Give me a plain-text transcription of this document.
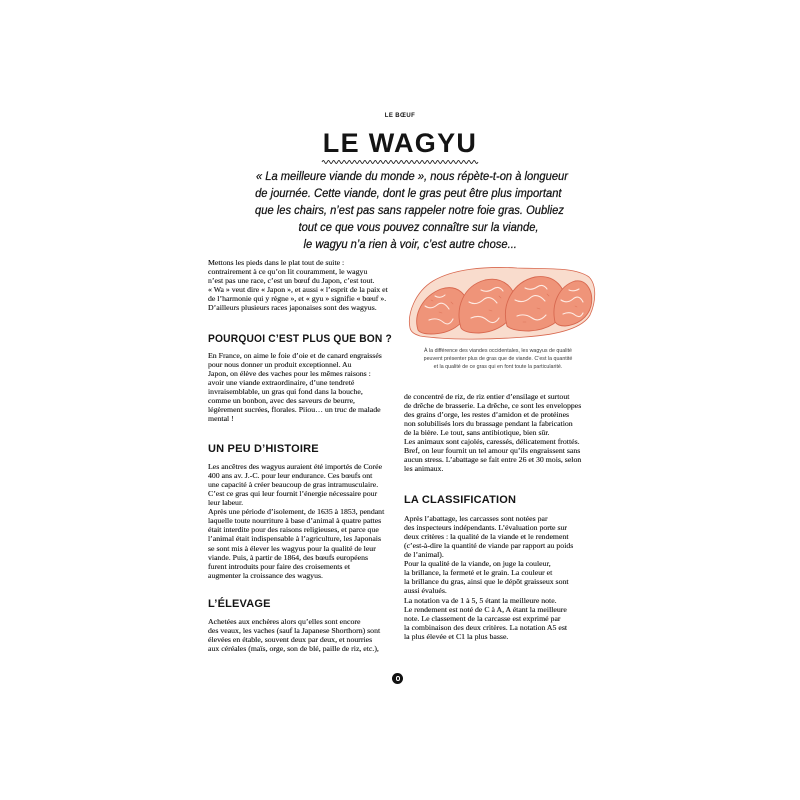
LE BŒUF
LE WAGYU
« La meilleure viande du monde », nous répète-t-on à longueur
de journée. Cette viande, dont le gras peut être plus important
que les chairs, n’est pas sans rappeler notre foie gras. Oubliez
tout ce que vous pouvez connaître sur la viande,
le wagyu n’a rien à voir, c’est autre chose...
Mettons les pieds dans le plat tout de suite :
contrairement à ce qu’on lit couramment, le wagyu
n’est pas une race, c’est un bœuf du Japon, c’est tout.
« Wa » veut dire « Japon », et aussi « l’esprit de la paix et
de l’harmonie qui y règne », et « gyu » signifie « bœuf ».
D’ailleurs plusieurs races japonaises sont des wagyus.
POURQUOI C’EST PLUS QUE BON ?
En France, on aime le foie d’oie et de canard engraissés
pour nous donner un produit exceptionnel. Au
Japon, on élève des vaches pour les mêmes raisons :
avoir une viande extraordinaire, d’une tendreté
invraisemblable, un gras qui fond dans la bouche,
comme un bonbon, avec des saveurs de beurre,
légèrement sucrées, florales. Piiou… un truc de malade
mental !
UN PEU D’HISTOIRE
Les ancêtres des wagyus auraient été importés de Corée
400 ans av. J.-C. pour leur endurance. Ces bœufs ont
une capacité à créer beaucoup de gras intramusculaire.
C’est ce gras qui leur fournit l’énergie nécessaire pour
leur labeur.
Après une période d’isolement, de 1635 à 1853, pendant
laquelle toute nourriture à base d’animal à quatre pattes
était interdite pour des raisons religieuses, et parce que
l’animal était indispensable à l’agriculture, les Japonais
se sont mis à élever les wagyus pour la qualité de leur
viande. Puis, à partir de 1864, des bœufs européens
furent introduits pour faire des croisements et
augmenter la croissance des wagyus.
L’ÉLEVAGE
Achetées aux enchères alors qu’elles sont encore
des veaux, les vaches (sauf la Japanese Shorthorn) sont
élevées en étable, souvent deux par deux, et nourries
aux céréales (maïs, orge, son de blé, paille de riz, etc.),
À la différence des viandes occidentales, les wagyus de qualité
peuvent présenter plus de gras que de viande. C’est la quantité
et la qualité de ce gras qui en font toute la particularité.
de concentré de riz, de riz entier d’ensilage et surtout
de drêche de brasserie. La drêche, ce sont les enveloppes
des grains d’orge, les restes d’amidon et de protéines
non solubilisés lors du brassage pendant la fabrication
de la bière. Le tout, sans antibiotique, bien sûr.
Les animaux sont cajolés, caressés, délicatement frottés.
Bref, on leur fournit un tel amour qu’ils engraissent sans
aucun stress. L’abattage se fait entre 26 et 30 mois, selon
les animaux.
LA CLASSIFICATION
Après l’abattage, les carcasses sont notées par
des inspecteurs indépendants. L’évaluation porte sur
deux critères : la qualité de la viande et le rendement
(c’est-à-dire la quantité de viande par rapport au poids
de l’animal).
Pour la qualité de la viande, on juge la couleur,
la brillance, la fermeté et le grain. La couleur et
la brillance du gras, ainsi que le dépôt graisseux sont
aussi évalués.
La notation va de 1 à 5, 5 étant la meilleure note.
Le rendement est noté de C à A, A étant la meilleure
note. Le classement de la carcasse est exprimé par
la combinaison des deux critères. La notation A5 est
la plus élevée et C1 la plus basse.
